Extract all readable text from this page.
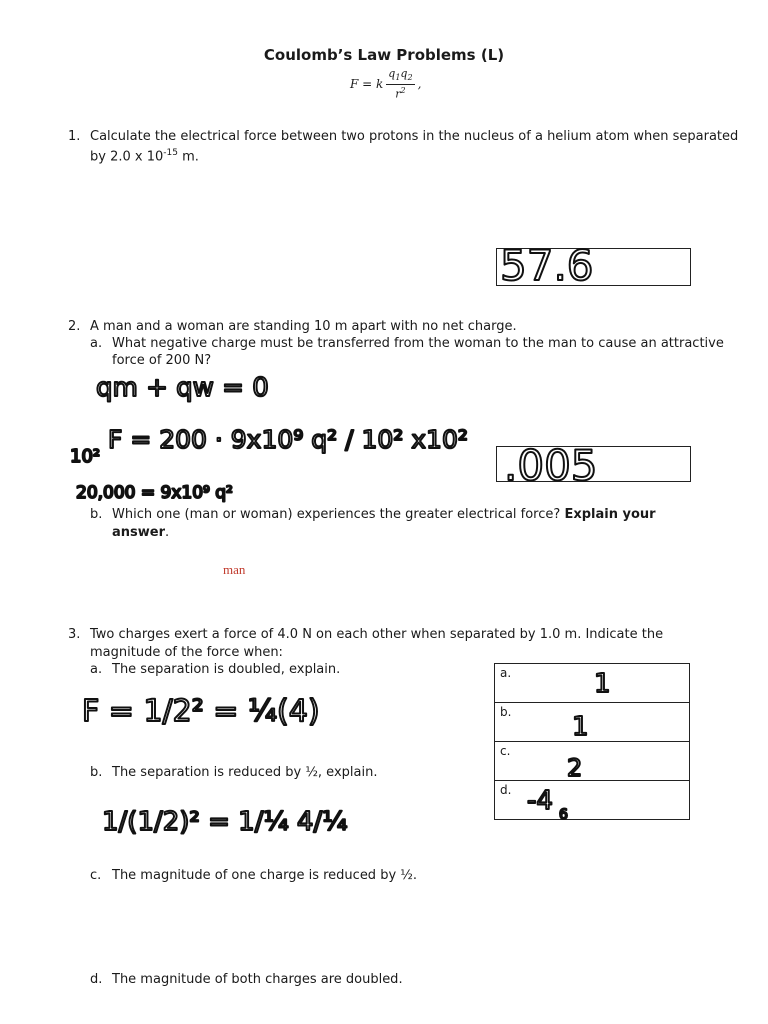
Coulomb’s Law Problems (L)
F = k $\frac{q_1q_2}{r^2}$ ,
1. Calculate the electrical force between two protons in the nucleus of a helium atom when separated
by 2.0 x $10^{-15}$ m.
57.6
2. A man and a woman are standing 10 m apart with no net charge.
a. What negative charge must be transferred from the woman to the man to cause an attractive
force of 200 N?
qm + qw = 0
F = 200 · 9x10⁹ q² / 10² x10²
10²
20,000 = 9x10⁹ q²
.005
b. Which one (man or woman) experiences the greater electrical force? Explain your
answer.
man
3. Two charges exert a force of 4.0 N on each other when separated by 1.0 m. Indicate the
magnitude of the force when:
a. The separation is doubled, explain.
F = 1/2² = ¼(4)
b. The separation is reduced by ½, explain.
1/(1/2)² = 1/¼ 4/¼
c. The magnitude of one charge is reduced by ½.
d. The magnitude of both charges are doubled.
a.	1

b. 1

c.
2

d. -4 6
